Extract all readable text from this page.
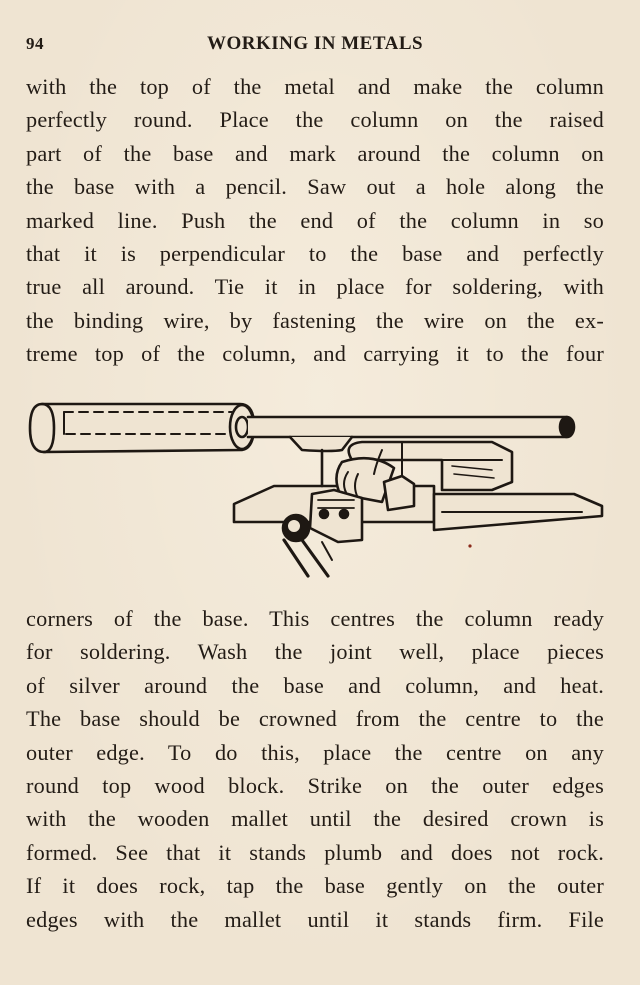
94	WORKING IN METALS
with the top of the metal and make the column
perfectly round. Place the column on the raised
part of the base and mark around the column on
the base with a pencil. Saw out a hole along the
marked line. Push the end of the column in so
that it is perpendicular to the base and perfectly
true all around. Tie it in place for soldering, with
the binding wire, by fastening the wire on the ex-
treme top of the column, and carrying it to the four
corners of the base. This centres the column ready
for soldering. Wash the joint well, place pieces
of silver around the base and column, and heat.
The base should be crowned from the centre to the
outer edge. To do this, place the centre on any
round top wood block. Strike on the outer edges
with the wooden mallet until the desired crown is
formed. See that it stands plumb and does not rock.
If it does rock, tap the base gently on the outer
edges with the mallet until it stands firm. File
